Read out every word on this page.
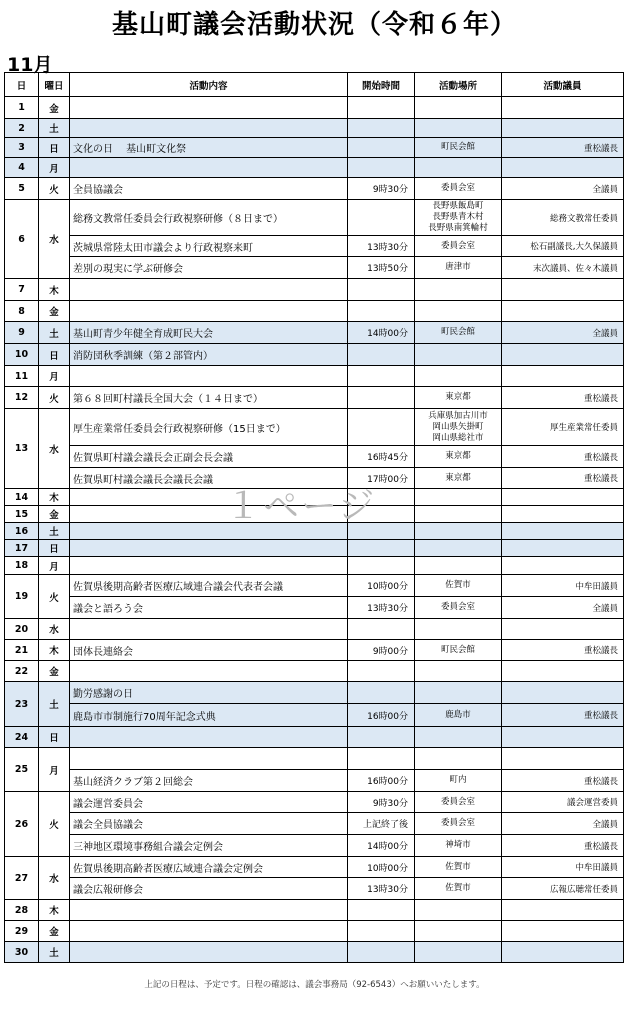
基山町議会活動状況（令和６年）
11月
日	曜日	活動内容	開始時間	活動場所	活動議員
1	金				
2	土				
3	日	文化の日　 基山町文化祭		町民会館	重松議長
4	月				
5	火	全員協議会	9時30分	委員会室	全議員
6	水	総務文教常任委員会行政視察研修（８日まで）		長野県飯島町
長野県青木村
長野県南箕輪村	総務文教常任委員
		茨城県常陸太田市議会より行政視察来町	13時30分	委員会室	松石副議長,大久保議員
		差別の現実に学ぶ研修会	13時50分	唐津市	末次議員、佐々木議員
7	木				
8	金				
9	土	基山町青少年健全育成町民大会	14時00分	町民会館	全議員
10	日	消防団秋季訓練（第２部管内）			
11	月				
12	火	第６８回町村議長全国大会（１４日まで）		東京都	重松議長
13	水	厚生産業常任委員会行政視察研修（15日まで）		兵庫県加古川市
岡山県矢掛町
岡山県総社市	厚生産業常任委員
		佐賀県町村議会議長会正副会長会議	16時45分	東京都	重松議長
		佐賀県町村議会議長会議長会議	17時00分	東京都	重松議長
14	木				
15	金				
16	土				
17	日				
18	月				
19	火	佐賀県後期高齢者医療広域連合議会代表者会議	10時00分	佐賀市	中牟田議員
		議会と語ろう会	13時30分	委員会室	全議員
20	水				
21	木	団体長連絡会	9時00分	町民会館	重松議長
22	金				
23	土	勤労感謝の日			
		鹿島市市制施行70周年記念式典	16時00分	鹿島市	重松議長
24	日				
25	月				
		基山経済クラブ第２回総会	16時00分	町内	重松議長
26	火	議会運営委員会	9時30分	委員会室	議会運営委員
		議会全員協議会	上記終了後	委員会室	全議員
		三神地区環境事務組合議会定例会	14時00分	神埼市	重松議長
27	水	佐賀県後期高齢者医療広域連合議会定例会	10時00分	佐賀市	中牟田議員
		議会広報研修会	13時30分	佐賀市	広報広聴常任委員
28	木				
29	金				
30	土				
１ページ
上記の日程は、予定です。日程の確認は、議会事務局（92-6543）へお願いいたします。
